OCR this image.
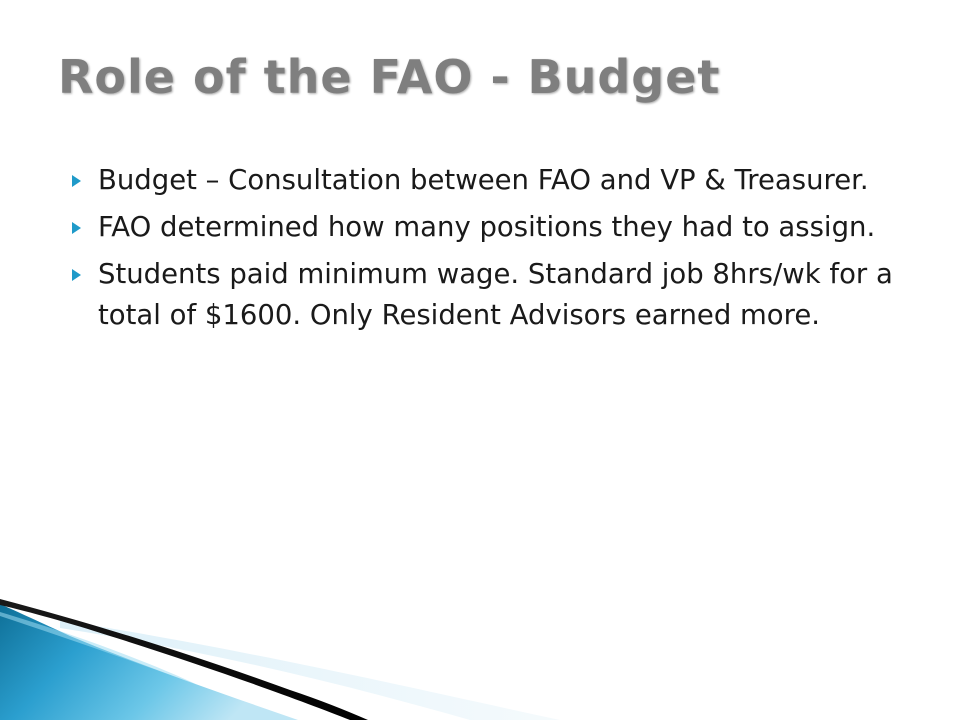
Role of the FAO - Budget
Budget – Consultation between FAO and VP & Treasurer.
FAO determined how many positions they had to assign.
Students paid minimum wage. Standard job 8hrs/wk for a total of $1600. Only Resident Advisors earned more.
